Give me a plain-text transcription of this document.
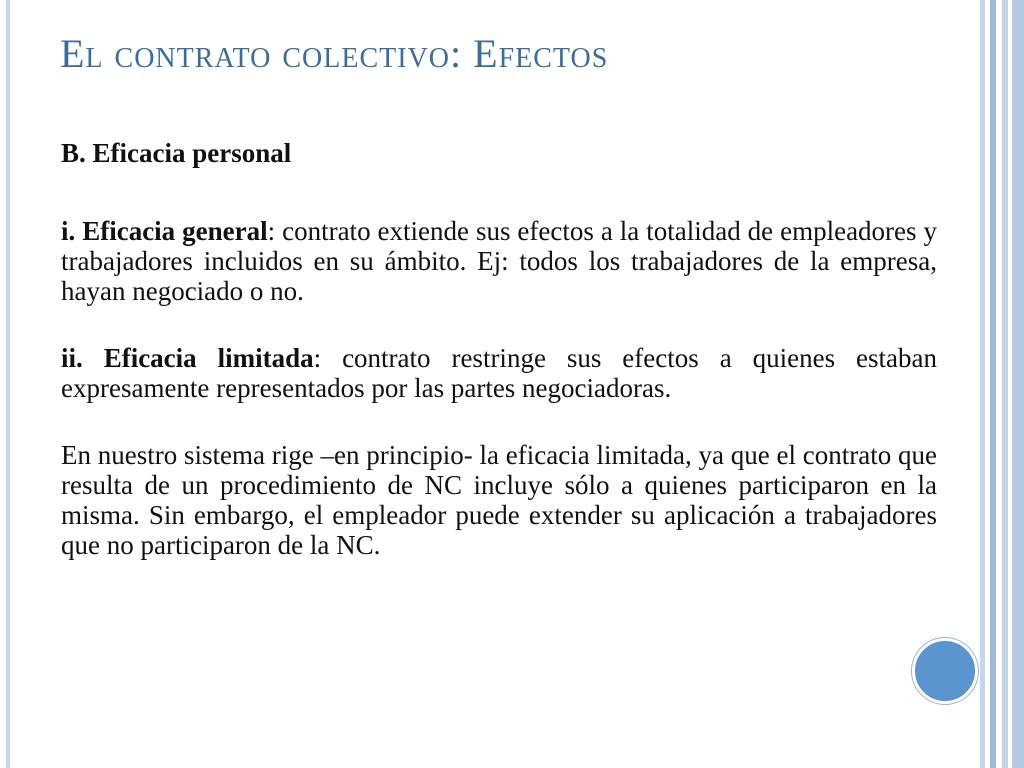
El contrato colectivo: Efectos

B. Eficacia personal

i. Eficacia general: contrato extiende sus efectos a la totalidad de empleadores y trabajadores incluidos en su ámbito. Ej: todos los trabajadores de la empresa, hayan negociado o no.

ii. Eficacia limitada: contrato restringe sus efectos a quienes estaban expresamente representados por las partes negociadoras.

En nuestro sistema rige –en principio- la eficacia limitada, ya que el contrato que resulta de un procedimiento de NC incluye sólo a quienes participaron en la misma. Sin embargo, el empleador puede extender su aplicación a trabajadores que no participaron de la NC.
